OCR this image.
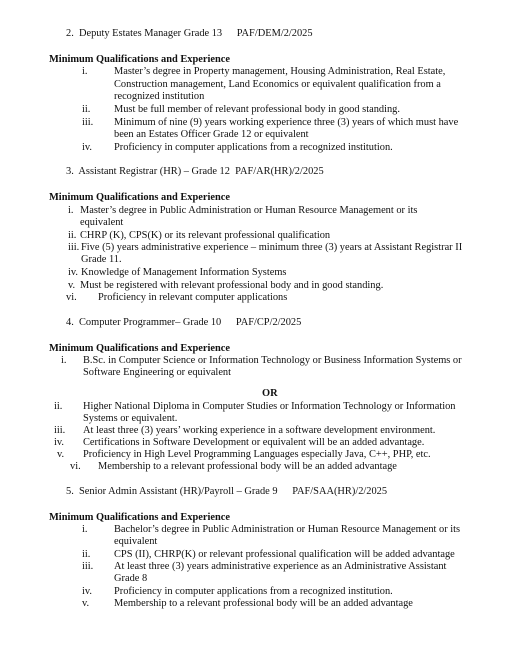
2. Deputy Estates Manager Grade 13 PAF/DEM/2/2025
Minimum Qualifications and Experience
i.	Master’s degree in Property management, Housing Administration, Real Estate,
Construction management, Land Economics or equivalent qualification from a
recognized institution
ii. Must be full member of relevant professional body in good standing.
iii. Minimum of nine (9) years working experience three (3) years of which must have
been an Estates Officer Grade 12 or equivalent
iv. Proficiency in computer applications from a recognized institution.
3. Assistant Registrar (HR) – Grade 12 PAF/AR(HR)/2/2025
Minimum Qualifications and Experience
i. Master’s degree in Public Administration or Human Resource Management or its
equivalent
ii. CHRP (K), CPS(K) or its relevant professional qualification
iii. Five (5) years administrative experience – minimum three (3) years at Assistant Registrar II
Grade 11.
iv. Knowledge of Management Information Systems
v. Must be registered with relevant professional body and in good standing.
vi. Proficiency in relevant computer applications
4. Computer Programmer– Grade 10 PAF/CP/2/2025
Minimum Qualifications and Experience
i. B.Sc. in Computer Science or Information Technology or Business Information Systems or
Software Engineering or equivalent
OR
ii. Higher National Diploma in Computer Studies or Information Technology or Information
Systems or equivalent.
iii. At least three (3) years’ working experience in a software development environment.
iv. Certifications in Software Development or equivalent will be an added advantage.
v. Proficiency in High Level Programming Languages especially Java, C++, PHP, etc.
vi. Membership to a relevant professional body will be an added advantage
5. Senior Admin Assistant (HR)/Payroll – Grade 9 PAF/SAA(HR)/2/2025
Minimum Qualifications and Experience
i.	Bachelor’s degree in Public Administration or Human Resource Management or its
equivalent
ii. CPS (II), CHRP(K) or relevant professional qualification will be added advantage
iii. At least three (3) years administrative experience as an Administrative Assistant
Grade 8
iv. Proficiency in computer applications from a recognized institution.
v. Membership to a relevant professional body will be an added advantage
